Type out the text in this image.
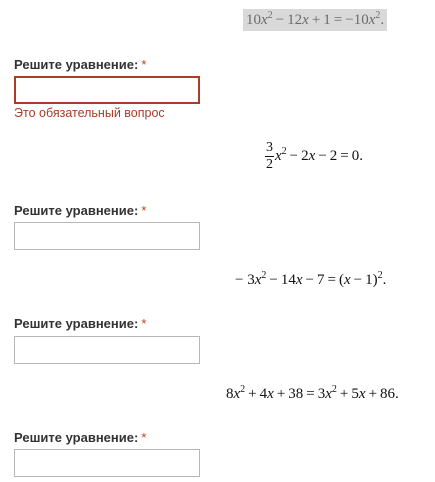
$10x^2 - 12x + 1 = -10x^2$.
Решите уравнение: *
Это обязательный вопрос
$\frac{3}{2} x^2 - 2x - 2 = 0$.
Решите уравнение: *
− $3x^2 - 14x - 7 = (x - 1)^2$.
Решите уравнение: *
$8x^2 + 4x + 38 = 3x^2 + 5x + 86$.
Решите уравнение: *
